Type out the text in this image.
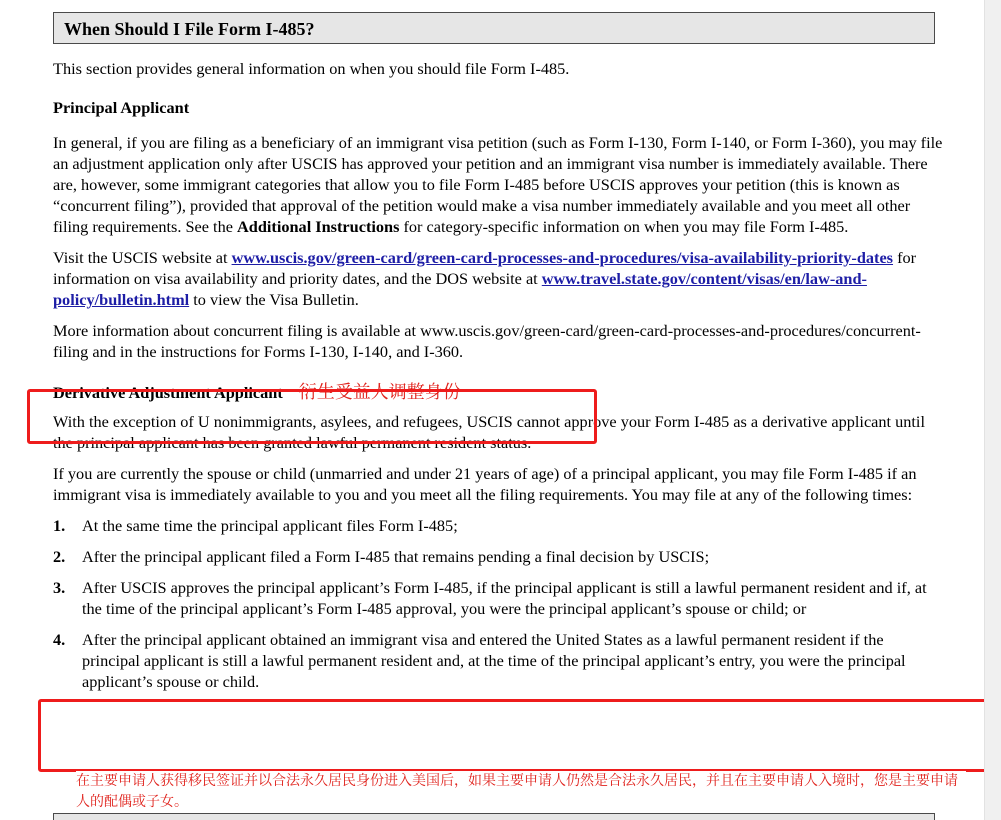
When Should I File Form I-485?

This section provides general information on when you should file Form I-485.

Principal Applicant

In general, if you are filing as a beneficiary of an immigrant visa petition (such as Form I-130, Form I-140, or Form I-360), you may file an adjustment application only after USCIS has approved your petition and an immigrant visa number is immediately available. There are, however, some immigrant categories that allow you to file Form I-485 before USCIS approves your petition (this is known as “concurrent filing”), provided that approval of the petition would make a visa number immediately available and you meet all other filing requirements. See the Additional Instructions for category-specific information on when you may file Form I-485.

Visit the USCIS website at www.uscis.gov/green-card/green-card-processes-and-procedures/visa-availability-priority-dates for information on visa availability and priority dates, and the DOS website at www.travel.state.gov/content/visas/en/law-and-policy/bulletin.html to view the Visa Bulletin.

More information about concurrent filing is available at www.uscis.gov/green-card/green-card-processes-and-procedures/concurrent-filing and in the instructions for Forms I-130, I-140, and I-360.

Derivative Adjustment Applicant 衍生受益人调整身份

With the exception of U nonimmigrants, asylees, and refugees, USCIS cannot approve your Form I-485 as a derivative applicant until the principal applicant has been granted lawful permanent resident status.

If you are currently the spouse or child (unmarried and under 21 years of age) of a principal applicant, you may file Form I-485 if an immigrant visa is immediately available to you and you meet all the filing requirements. You may file at any of the following times:

1. At the same time the principal applicant files Form I-485;
2. After the principal applicant filed a Form I-485 that remains pending a final decision by USCIS;
3. After USCIS approves the principal applicant’s Form I-485, if the principal applicant is still a lawful permanent resident and if, at the time of the principal applicant’s Form I-485 approval, you were the principal applicant’s spouse or child; or
4. After the principal applicant obtained an immigrant visa and entered the United States as a lawful permanent resident if the principal applicant is still a lawful permanent resident and, at the time of the principal applicant’s entry, you were the principal applicant’s spouse or child.
在主要申请人获得移民签证并以合法永久居民身份进入美国后，如果主要申请人仍然是合法永久居民，并且在主要申请人入境时，您是主要申请人的配偶或子女。
